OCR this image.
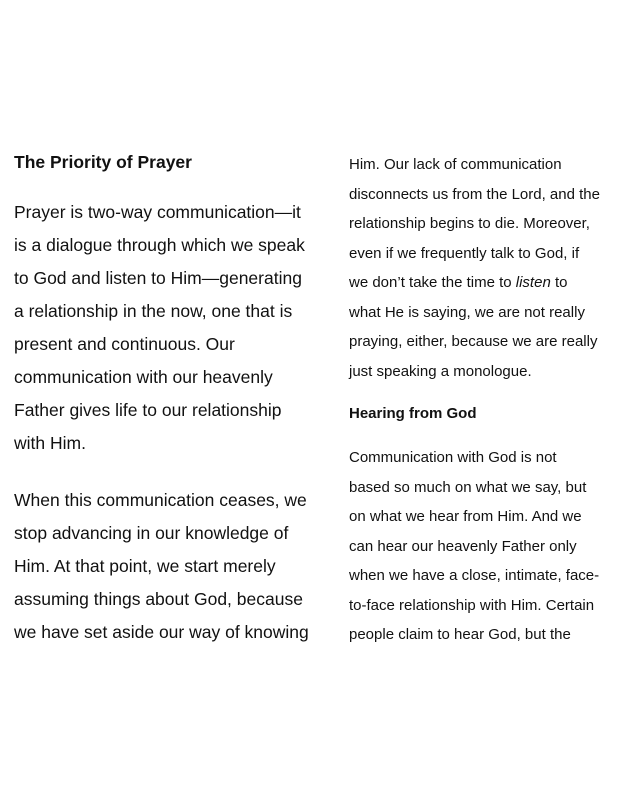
The Priority of Prayer
Prayer is two-way communication—it
is a dialogue through which we speak
to God and listen to Him—generating
a relationship in the now, one that is
present and continuous. Our
communication with our heavenly
Father gives life to our relationship
with Him.
When this communication ceases, we
stop advancing in our knowledge of
Him. At that point, we start merely
assuming things about God, because
we have set aside our way of knowing
Him. Our lack of communication
disconnects us from the Lord, and the
relationship begins to die. Moreover,
even if we frequently talk to God, if
we don’t take the time to listen to
what He is saying, we are not really
praying, either, because we are really
just speaking a monologue.
Hearing from God
Communication with God is not
based so much on what we say, but
on what we hear from Him. And we
can hear our heavenly Father only
when we have a close, intimate, face-
to-face relationship with Him. Certain
people claim to hear God, but the
